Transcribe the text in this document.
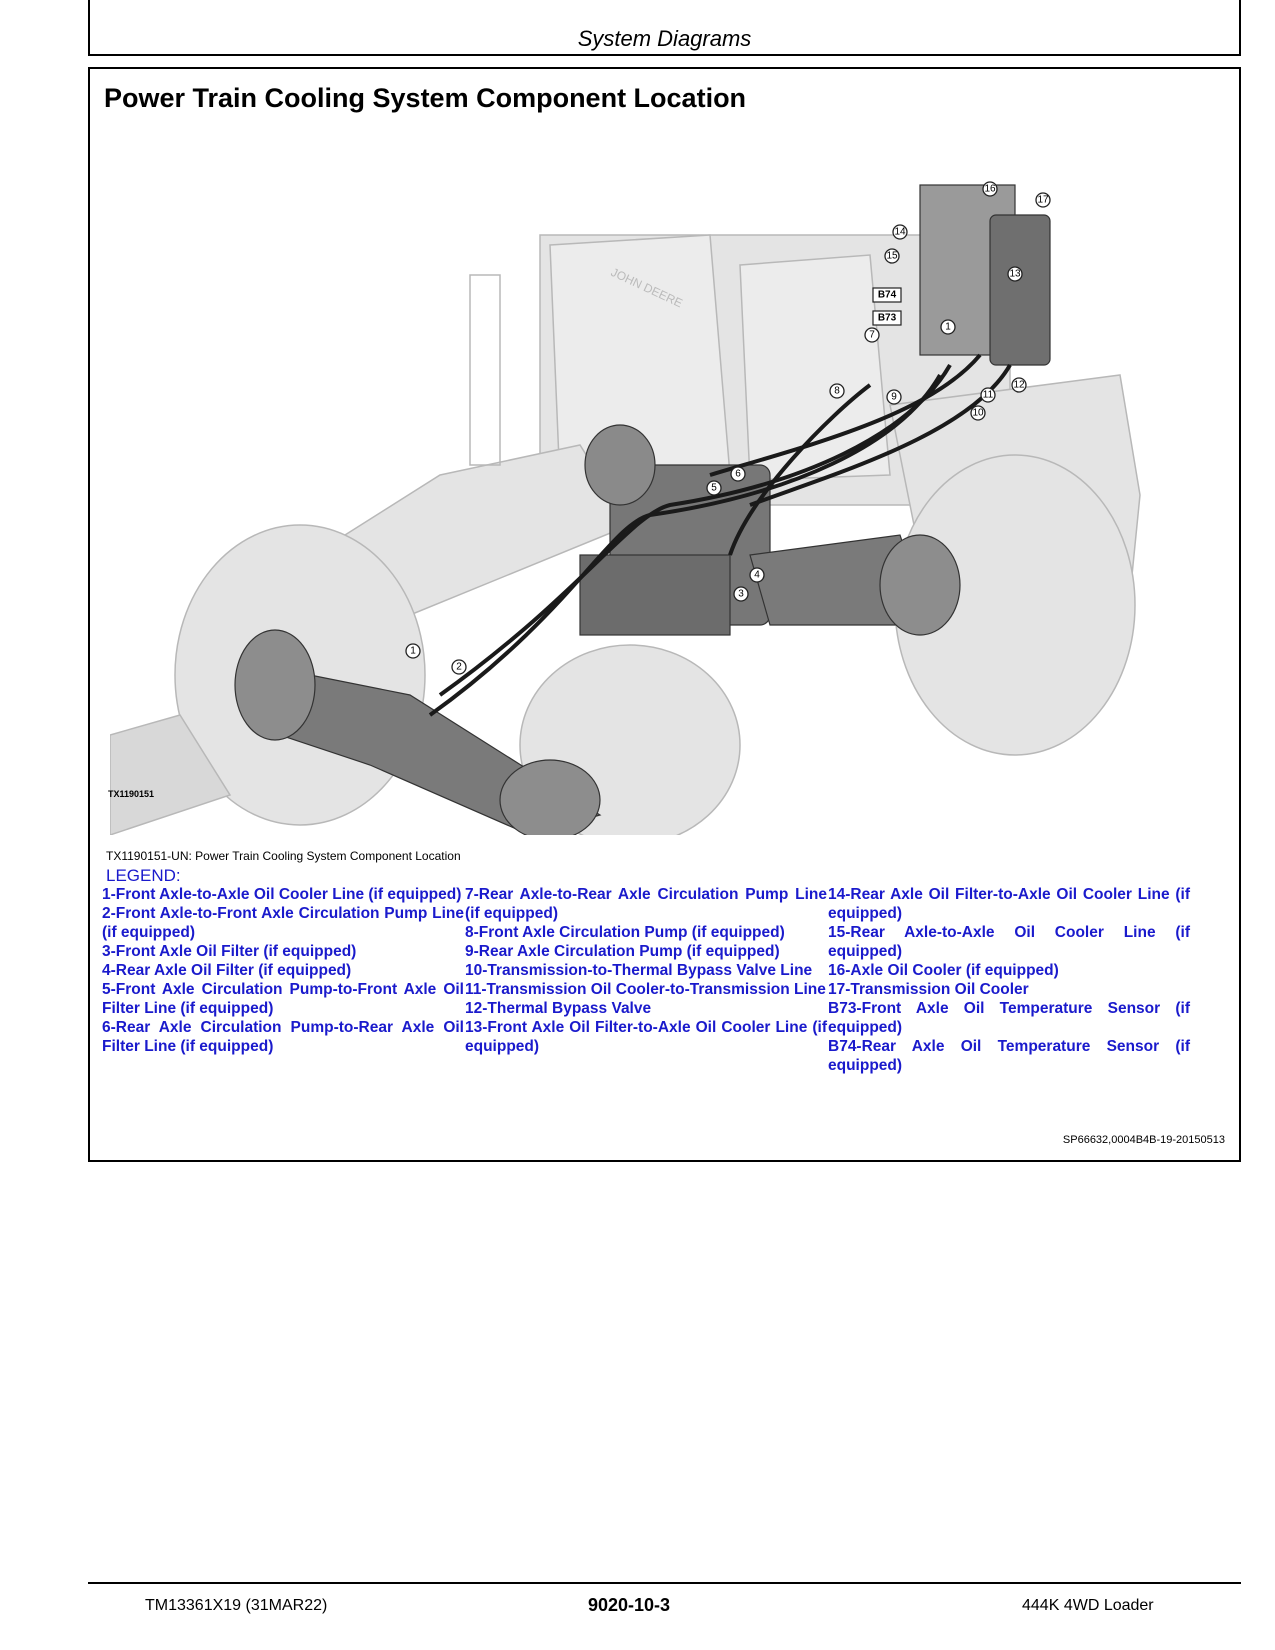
System Diagrams
Power Train Cooling System Component Location
JOHN DEERE
1
1
2
3
4
5
6
7
8
9
10
11
12
13
14
15
16
17
B74
B73
TX1190151
TX1190151-UN: Power Train Cooling System Component Location
LEGEND:
1-Front Axle-to-Axle Oil Cooler Line (if equipped)
2-Front Axle-to-Front Axle Circulation Pump Line (if equipped)
3-Front Axle Oil Filter (if equipped)
4-Rear Axle Oil Filter (if equipped)
5-Front Axle Circulation Pump-to-Front Axle Oil Filter Line (if equipped)
6-Rear Axle Circulation Pump-to-Rear Axle Oil Filter Line (if equipped)
7-Rear Axle-to-Rear Axle Circulation Pump Line (if equipped)
8-Front Axle Circulation Pump (if equipped)
9-Rear Axle Circulation Pump (if equipped)
10-Transmission-to-Thermal Bypass Valve Line
11-Transmission Oil Cooler-to-Transmission Line
12-Thermal Bypass Valve
13-Front Axle Oil Filter-to-Axle Oil Cooler Line (if equipped)
14-Rear Axle Oil Filter-to-Axle Oil Cooler Line (if equipped)
15-Rear Axle-to-Axle Oil Cooler Line (if equipped)
16-Axle Oil Cooler (if equipped)
17-Transmission Oil Cooler
B73-Front Axle Oil Temperature Sensor (if equipped)
B74-Rear Axle Oil Temperature Sensor (if equipped)
SP66632,0004B4B-19-20150513
TM13361X19 (31MAR22)	9020-10-3	444K 4WD Loader
